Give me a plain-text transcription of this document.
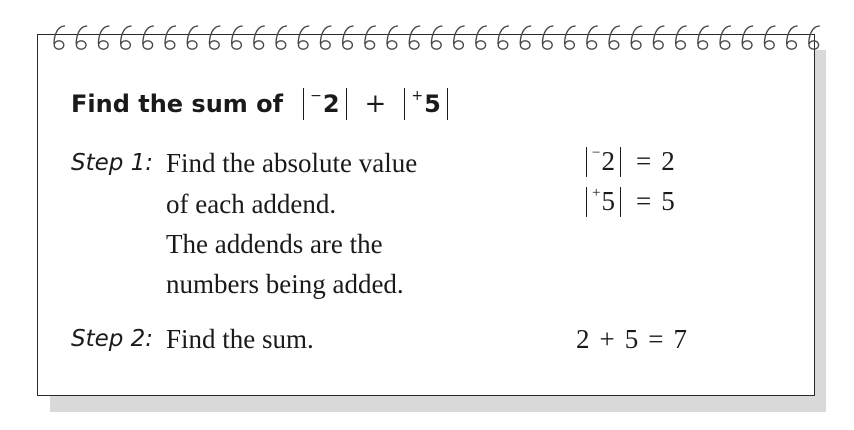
Find the sum of − 2 + + 5
Step 1: Find the absolute value
of each addend.
The addends are the
numbers being added.
− 2 = 2
+ 5 = 5
Step 2: Find the sum.	2 + 5 = 7
